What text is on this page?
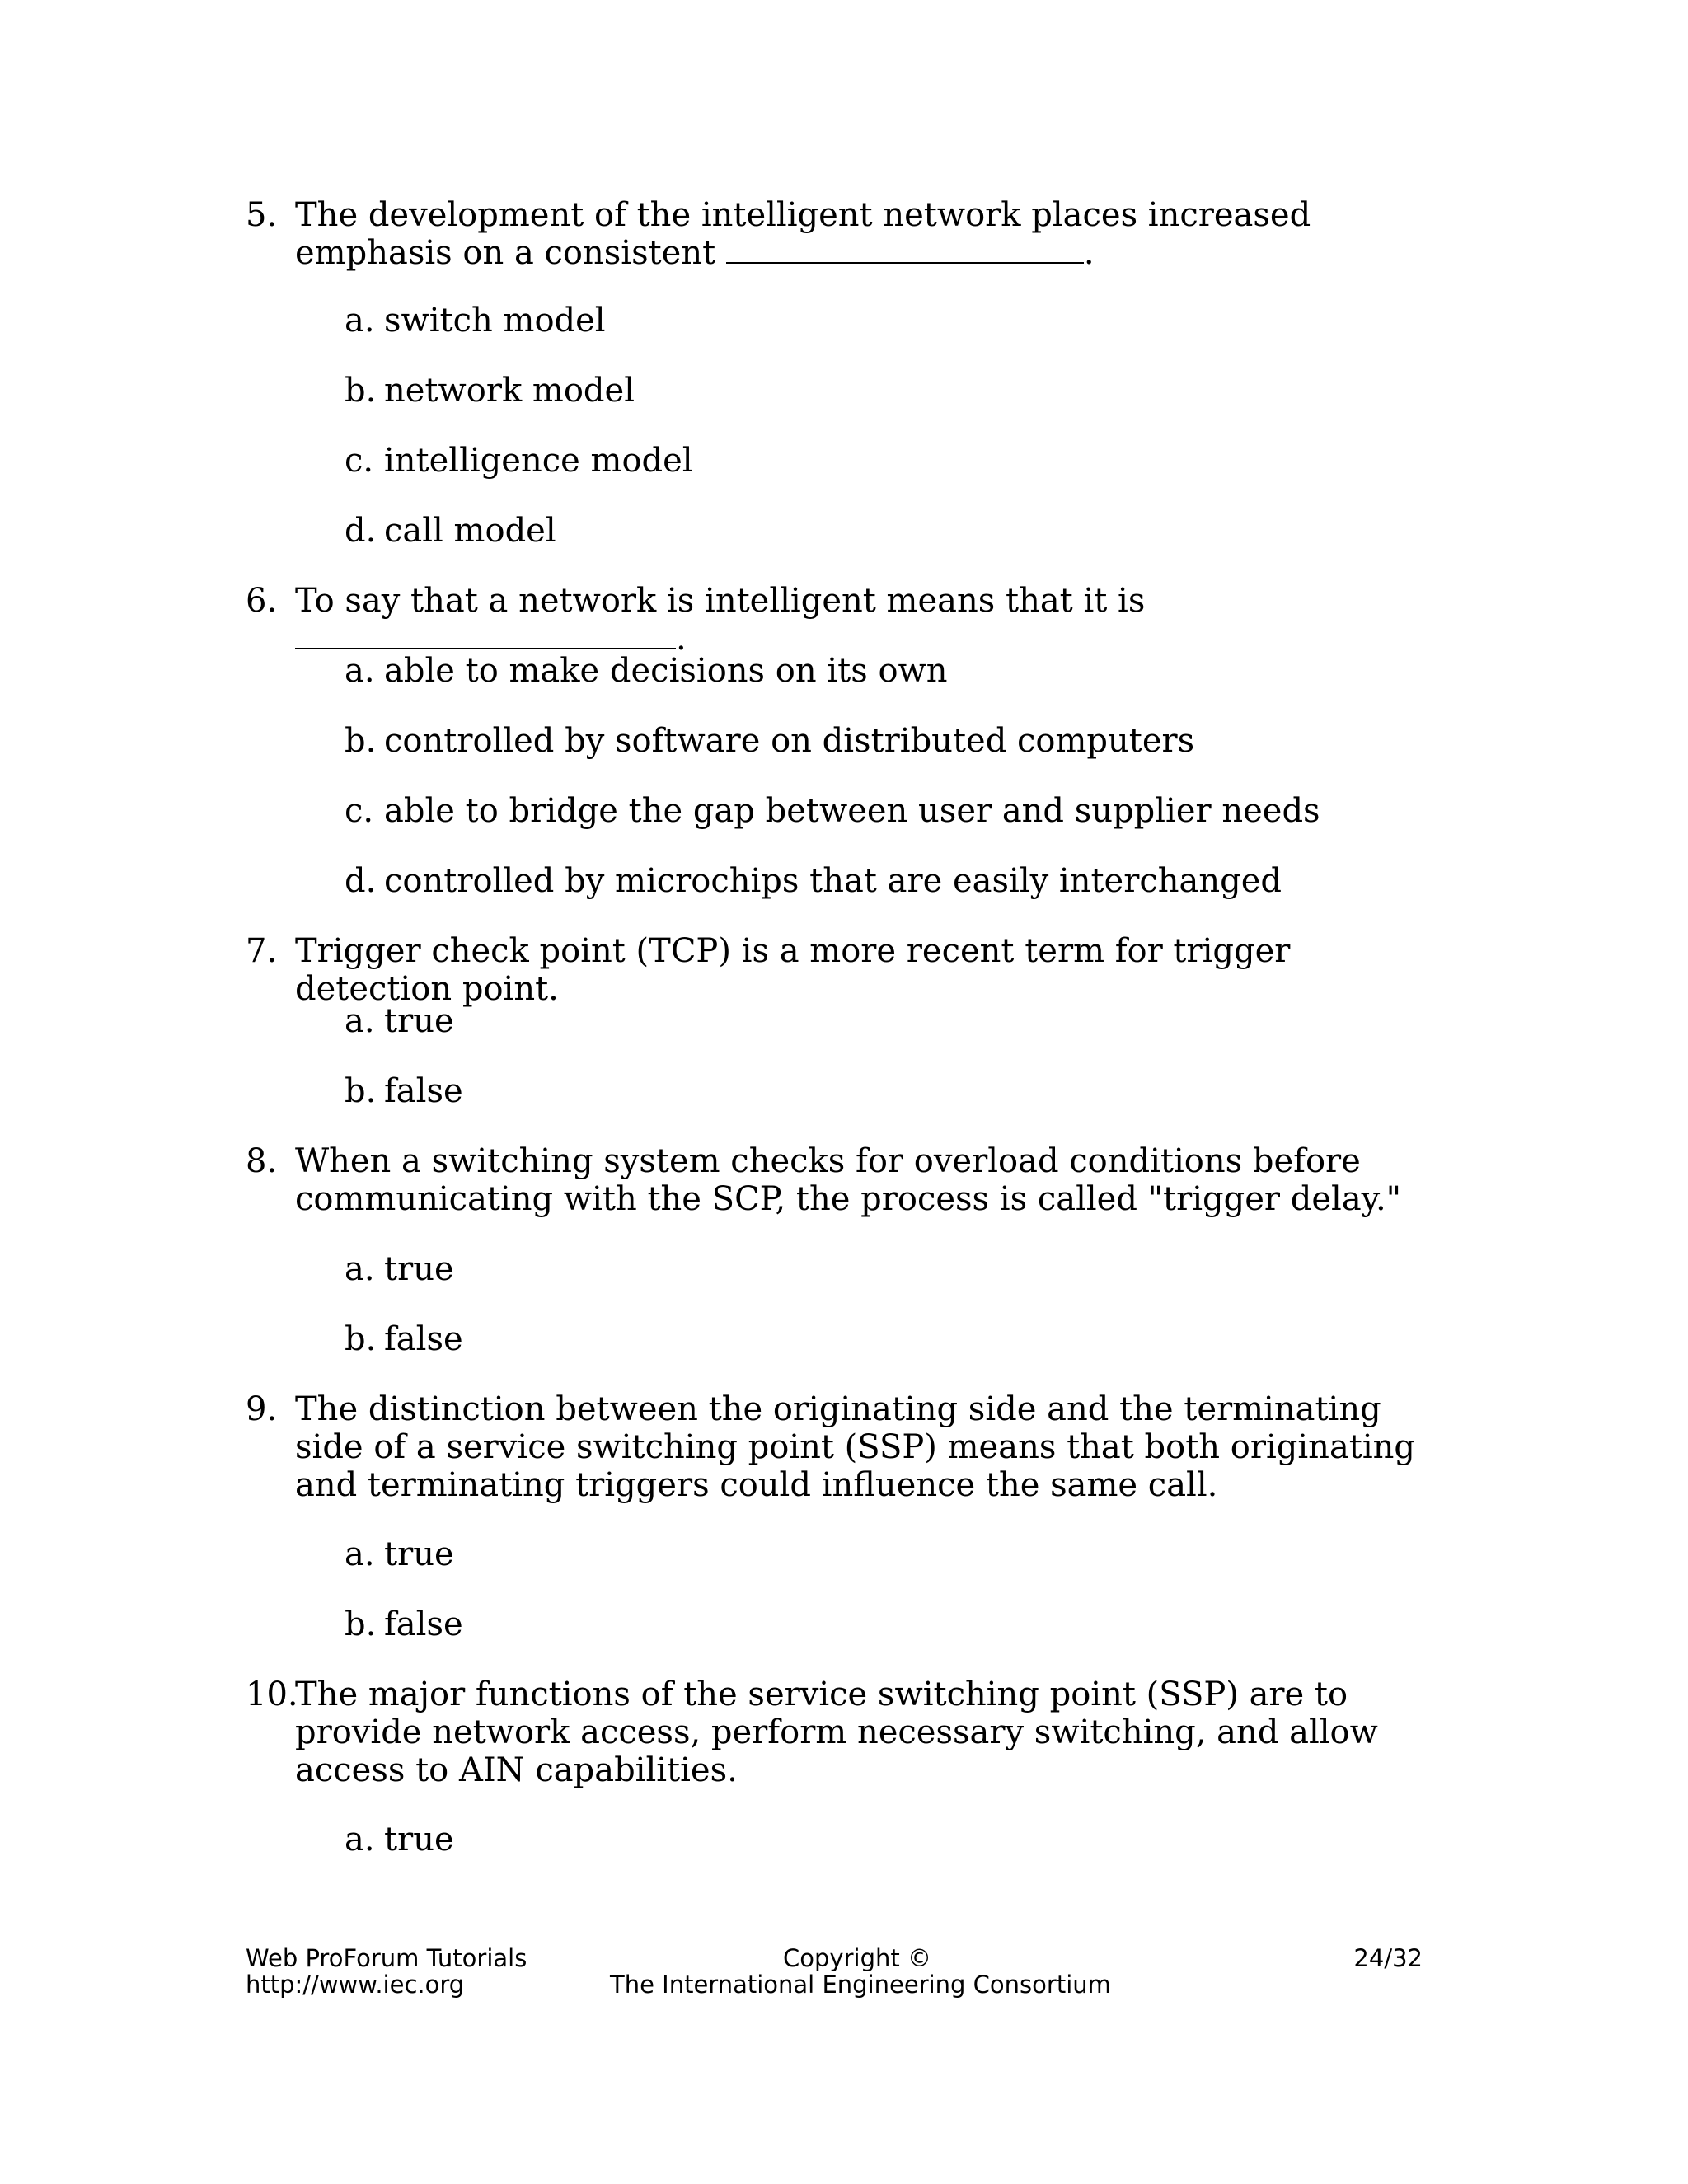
5. The development of the intelligent network places increased emphasis on a consistent	.
a. switch model
b. network model
c. intelligence model
d. call model
6. To say that a network is intelligent means that it is .
a. able to make decisions on its own
b. controlled by software on distributed computers
c. able to bridge the gap between user and supplier needs
d. controlled by microchips that are easily interchanged
7. Trigger check point (TCP) is a more recent term for trigger detection point.
a. true
b. false
8. When a switching system checks for overload conditions before communicating with the SCP, the process is called "trigger delay."
a. true
b. false
9. The distinction between the originating side and the terminating side of a service switching point (SSP) means that both originating and terminating triggers could influence the same call.
a. true
b. false
10.
The major functions of the service switching point (SSP) are to provide network access, perform necessary switching, and allow access to AIN capabilities.
a. true
Web ProForum Tutorials
http://www.iec.org
Copyright ©
The International Engineering Consortium
24/32
